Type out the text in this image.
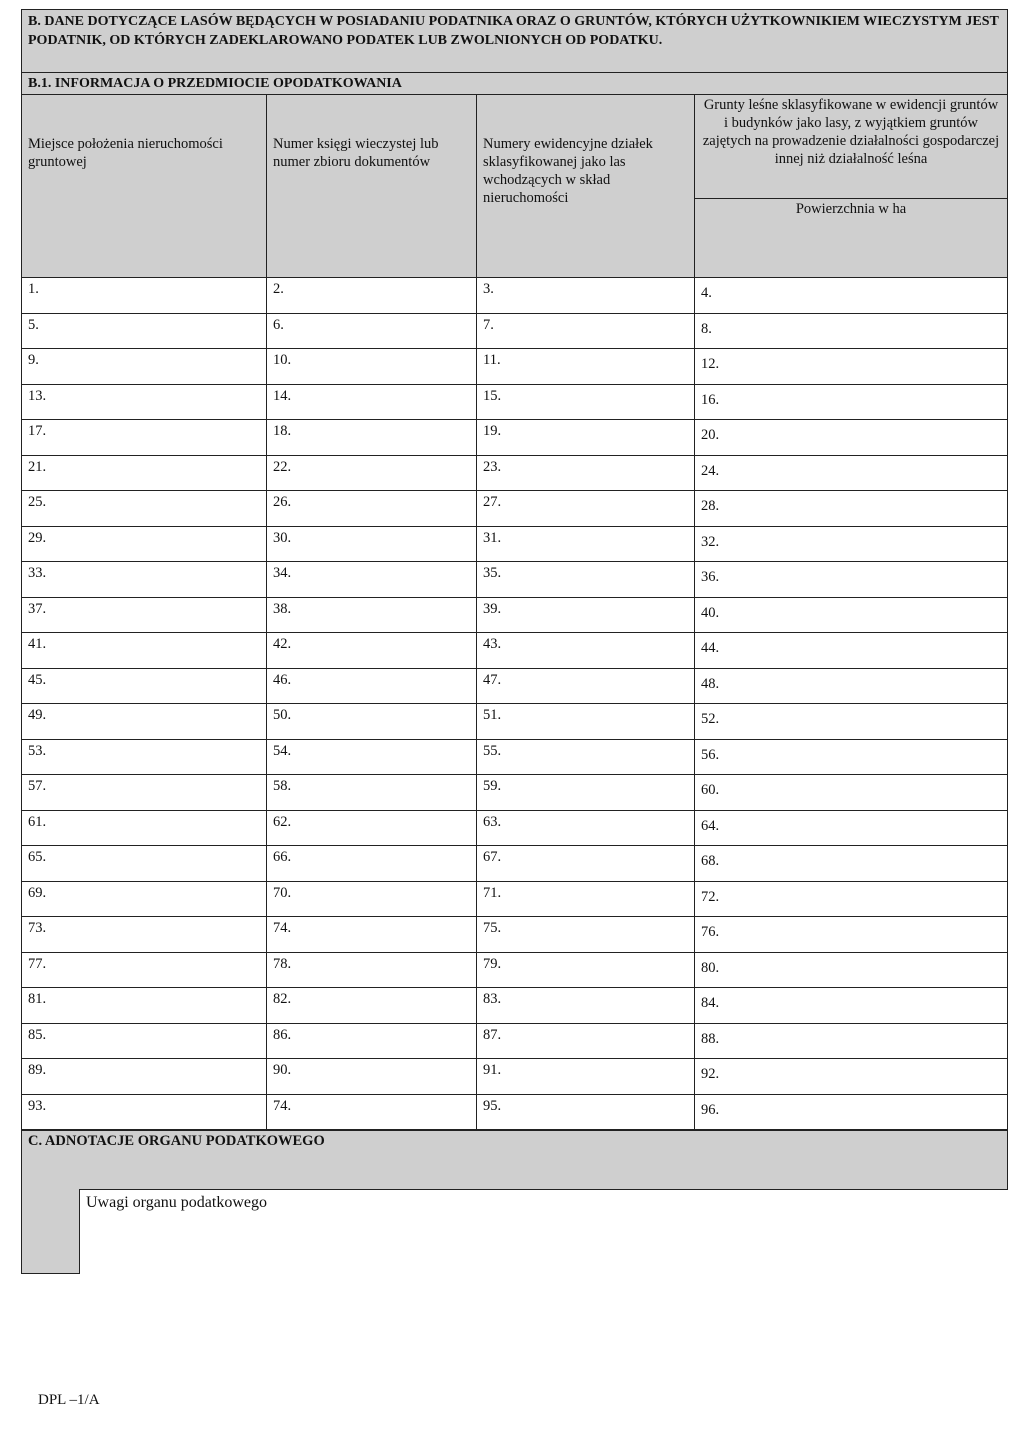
B. DANE DOTYCZĄCE LASÓW BĘDĄCYCH W POSIADANIU PODATNIKA ORAZ O GRUNTÓW, KTÓRYCH UŻYTKOWNIKIEM WIECZYSTYM JEST PODATNIK, OD KTÓRYCH ZADEKLAROWANO PODATEK LUB ZWOLNIONYCH OD PODATKU.
B.1. INFORMACJA O PRZEDMIOCIE OPODATKOWANIA
Miejsce położenia nieruchomości gruntowej
Numer księgi wieczystej lub numer zbioru dokumentów
Numery ewidencyjne działek sklasyfikowanej jako las wchodzących w skład nieruchomości
Grunty leśne sklasyfikowane w ewidencji gruntów i budynków jako lasy, z wyjątkiem gruntów zajętych na prowadzenie działalności gospodarczej innej niż działalność leśna
Powierzchnia w ha
1.	2.	3.	4.
5.	6.	7.	8.
9.	10.	11.	12.
13.	14.	15.	16.
17.	18.	19.	20.
21.	22.	23.	24.
25.	26.	27.	28.
29.	30.	31.	32.
33.	34.	35.	36.
37.	38.	39.	40.
41.	42.	43.	44.
45.	46.	47.	48.
49.	50.	51.	52.
53.	54.	55.	56.
57.	58.	59.	60.
61.	62.	63.	64.
65.	66.	67.	68.
69.	70.	71.	72.
73.	74.	75.	76.
77.	78.	79.	80.
81.	82.	83.	84.
85.	86.	87.	88.
89.	90.	91.	92.
93.	74.	95.	96.
C. ADNOTACJE ORGANU PODATKOWEGO
Uwagi organu podatkowego
DPL –1/A
